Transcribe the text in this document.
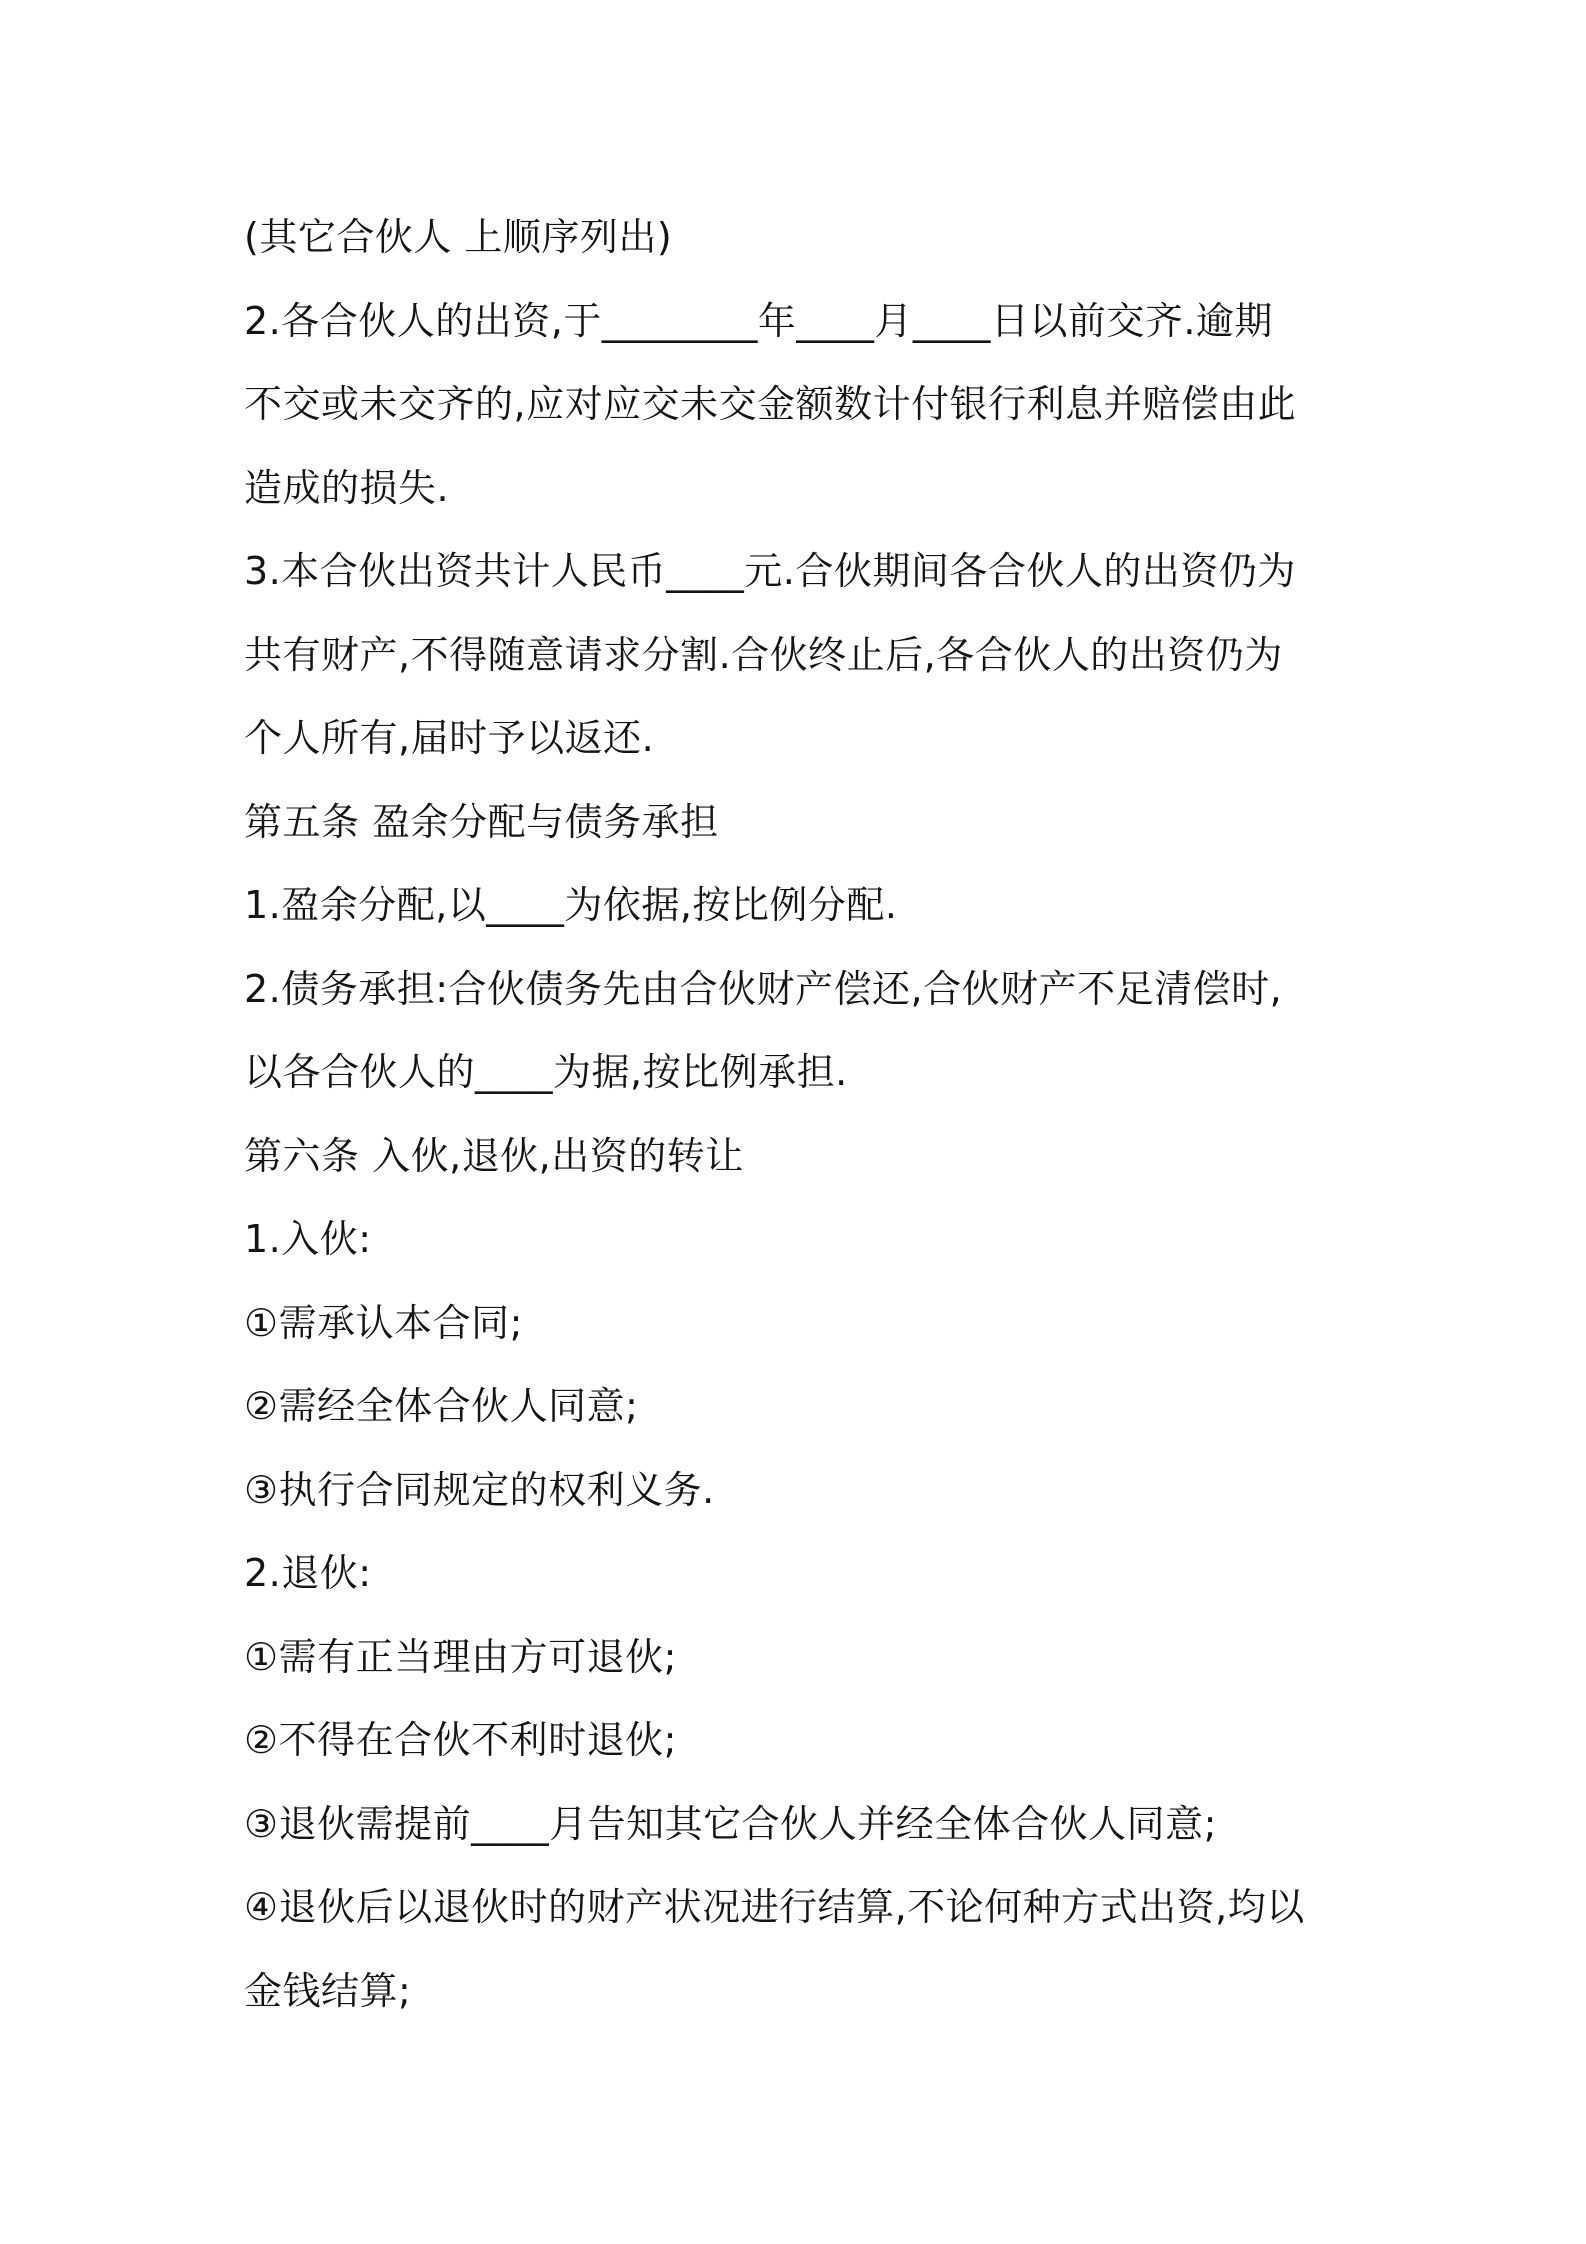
(其它合伙人 上顺序列出)
2.各合伙人的出资,于________年____月____日以前交齐.逾期
不交或未交齐的,应对应交未交金额数计付银行利息并赔偿由此
造成的损失.
3.本合伙出资共计人民币____元.合伙期间各合伙人的出资仍为
共有财产,不得随意请求分割.合伙终止后,各合伙人的出资仍为
个人所有,届时予以返还.
第五条 盈余分配与债务承担
1.盈余分配,以____为依据,按比例分配.
2.债务承担:合伙债务先由合伙财产偿还,合伙财产不足清偿时,
以各合伙人的____为据,按比例承担.
第六条 入伙,退伙,出资的转让
1.入伙:
①需承认本合同;
②需经全体合伙人同意;
③执行合同规定的权利义务.
2.退伙:
①需有正当理由方可退伙;
②不得在合伙不利时退伙;
③退伙需提前____月告知其它合伙人并经全体合伙人同意;
④退伙后以退伙时的财产状况进行结算,不论何种方式出资,均以
金钱结算;
